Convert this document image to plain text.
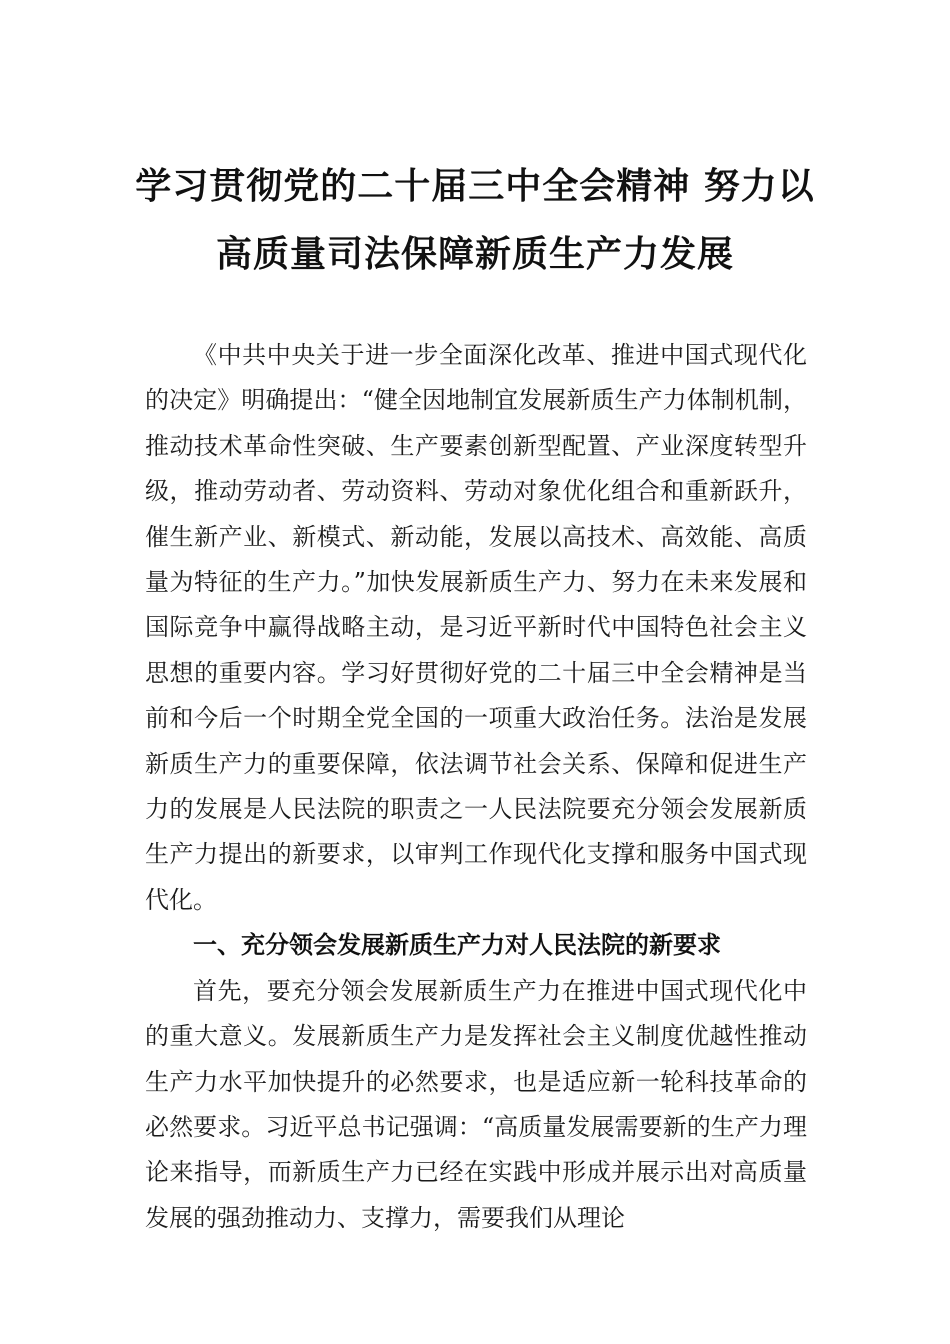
学习贯彻党的二十届三中全会精神 努力以
高质量司法保障新质生产力发展

《中共中央关于进一步全面深化改革、推进中国式现代化的决定》明确提出：“健全因地制宜发展新质生产力体制机制，推动技术革命性突破、生产要素创新型配置、产业深度转型升级，推动劳动者、劳动资料、劳动对象优化组合和重新跃升，催生新产业、新模式、新动能，发展以高技术、高效能、高质量为特征的生产力。”加快发展新质生产力、努力在未来发展和国际竞争中赢得战略主动，是习近平新时代中国特色社会主义思想的重要内容。学习好贯彻好党的二十届三中全会精神是当前和今后一个时期全党全国的一项重大政治任务。法治是发展新质生产力的重要保障，依法调节社会关系、保障和促进生产力的发展是人民法院的职责之一人民法院要充分领会发展新质生产力提出的新要求，以审判工作现代化支撑和服务中国式现代化。

一、充分领会发展新质生产力对人民法院的新要求

首先，要充分领会发展新质生产力在推进中国式现代化中的重大意义。发展新质生产力是发挥社会主义制度优越性推动生产力水平加快提升的必然要求，也是适应新一轮科技革命的必然要求。习近平总书记强调：“高质量发展需要新的生产力理论来指导，而新质生产力已经在实践中形成并展示出对高质量发展的强劲推动力、支撑力，需要我们从理论
